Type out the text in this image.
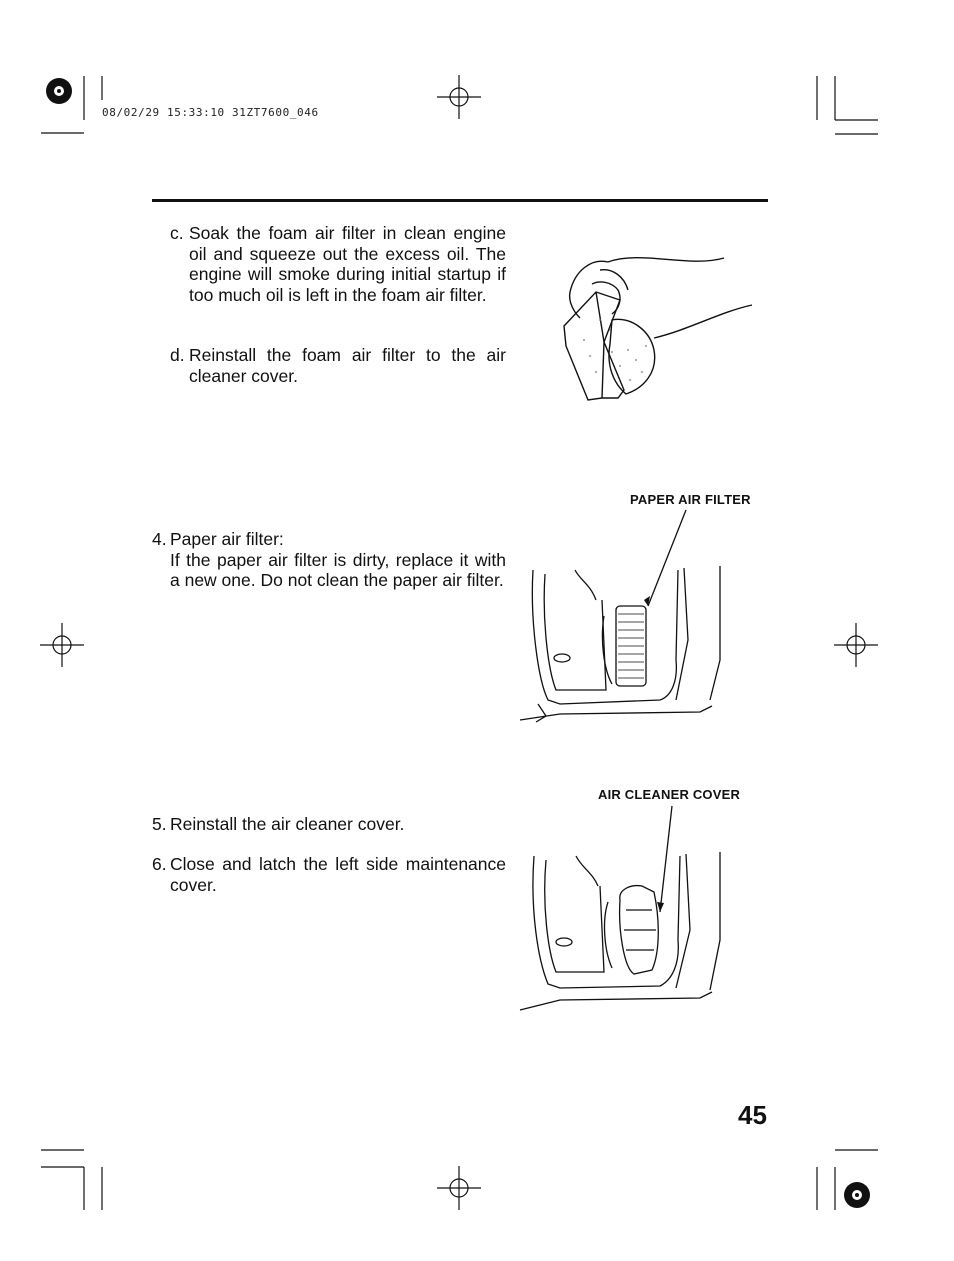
08/02/29 15:33:10 31ZT7600_046
c. Soak the foam air filter in clean engine oil and squeeze out the excess oil. The engine will smoke during initial startup if too much oil is left in the foam air filter.

d. Reinstall the foam air filter to the air cleaner cover.

4. Paper air filter:

If the paper air filter is dirty, replace it with a new one. Do not clean the paper air filter.

5. Reinstall the air cleaner cover.

6. Close and latch the left side maintenance cover.

PAPER AIR FILTER
AIR CLEANER COVER
45
